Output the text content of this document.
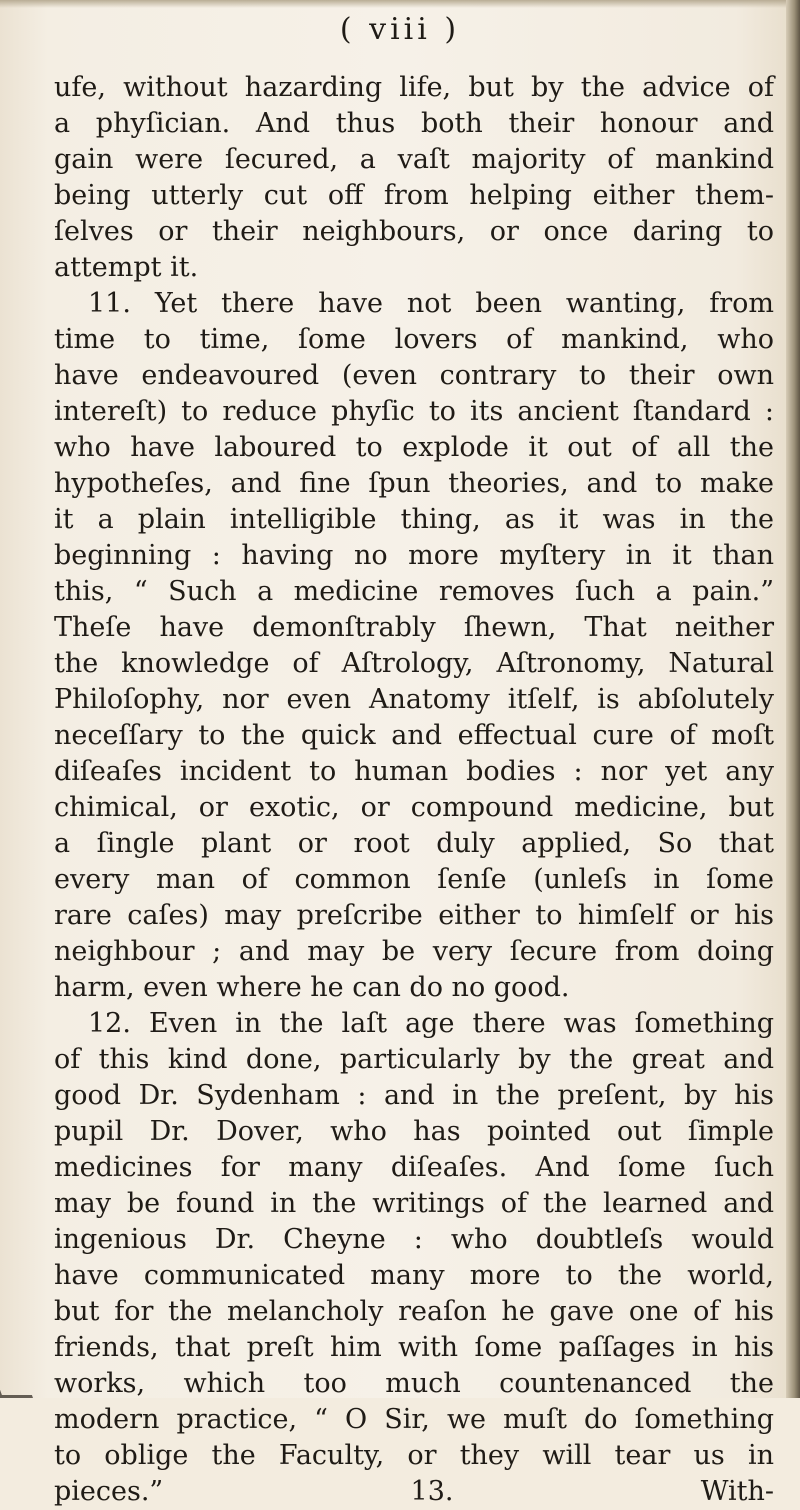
( viii )
ufe, without hazarding life, but by the advice of
a phyſician. And thus both their honour and
gain were ſecured, a vaſt majority of mankind
being utterly cut off from helping either them-
ſelves or their neighbours, or once daring to
attempt it.
11. Yet there have not been wanting, from
time to time, ſome lovers of mankind, who
have endeavoured (even contrary to their own
intereſt) to reduce phyſic to its ancient ſtandard :
who have laboured to explode it out of all the
hypotheſes, and fine ſpun theories, and to make
it a plain intelligible thing, as it was in the
beginning : having no more myſtery in it than
this, “ Such a medicine removes ſuch a pain.”
Theſe have demonſtrably ſhewn, That neither
the knowledge of Aſtrology, Aſtronomy, Natural
Philoſophy, nor even Anatomy itſelf, is abſolutely
neceſſary to the quick and effectual cure of moſt
diſeaſes incident to human bodies : nor yet any
chimical, or exotic, or compound medicine, but
a ſingle plant or root duly applied, So that
every man of common ſenſe (unleſs in ſome
rare caſes) may preſcribe either to himſelf or his
neighbour ; and may be very ſecure from doing
harm, even where he can do no good.
12. Even in the laſt age there was ſomething
of this kind done, particularly by the great and
good Dr. Sydenham : and in the preſent, by his
pupil Dr. Dover, who has pointed out ſimple
medicines for many diſeaſes. And ſome ſuch
may be found in the writings of the learned and
ingenious Dr. Cheyne : who doubtleſs would
have communicated many more to the world,
but for the melancholy reaſon he gave one of his
friends, that preſt him with ſome paſſages in his
works, which too much countenanced the
modern practice, “ O Sir, we muſt do ſomething
to oblige the Faculty, or they will tear us in
pieces.” 13. With-
